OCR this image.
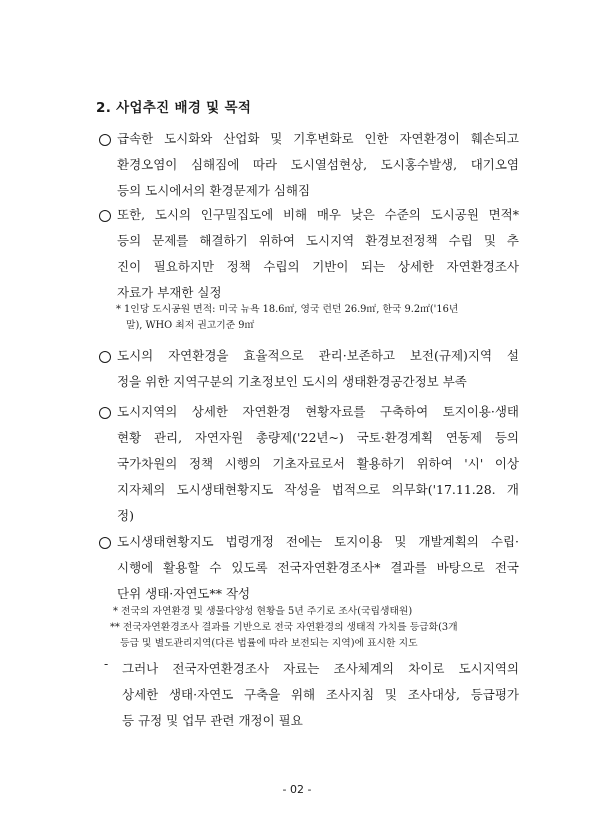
2. 사업추진 배경 및 목적
급속한 도시화와 산업화 및 기후변화로 인한 자연환경이 훼손되고
환경오염이 심해짐에 따라 도시열섬현상, 도시홍수발생, 대기오염
등의 도시에서의 환경문제가 심해짐
또한, 도시의 인구밀집도에 비해 매우 낮은 수준의 도시공원 면적*
등의 문제를 해결하기 위하여 도시지역 환경보전정책 수립 및 추
진이 필요하지만 정책 수립의 기반이 되는 상세한 자연환경조사
자료가 부재한 실정
* 1인당 도시공원 면적: 미국 뉴욕 18.6㎡, 영국 런던 26.9㎡, 한국 9.2㎡('16년
말), WHO 최저 권고기준 9㎡
도시의 자연환경을 효율적으로 관리·보존하고 보전(규제)지역 설
정을 위한 지역구분의 기초정보인 도시의 생태환경공간정보 부족
도시지역의 상세한 자연환경 현황자료를 구축하여 토지이용·생태
현황 관리, 자연자원 총량제('22년~) 국토·환경계획 연동제 등의
국가차원의 정책 시행의 기초자료로서 활용하기 위하여 '시' 이상
지자체의 도시생태현황지도 작성을 법적으로 의무화('17.11.28. 개
정)
도시생태현황지도 법령개정 전에는 토지이용 및 개발계획의 수립·
시행에 활용할 수 있도록 전국자연환경조사* 결과를 바탕으로 전국
단위 생태·자연도** 작성
* 전국의 자연환경 및 생물다양성 현황을 5년 주기로 조사(국립생태원)
** 전국자연환경조사 결과를 기반으로 전국 자연환경의 생태적 가치를 등급화(3개
등급 및 별도관리지역(다른 법률에 따라 보전되는 지역)에 표시한 지도
- 그러나 전국자연환경조사 자료는 조사체계의 차이로 도시지역의
상세한 생태·자연도 구축을 위해 조사지침 및 조사대상, 등급평가
등 규정 및 업무 관련 개정이 필요
- 02 -
